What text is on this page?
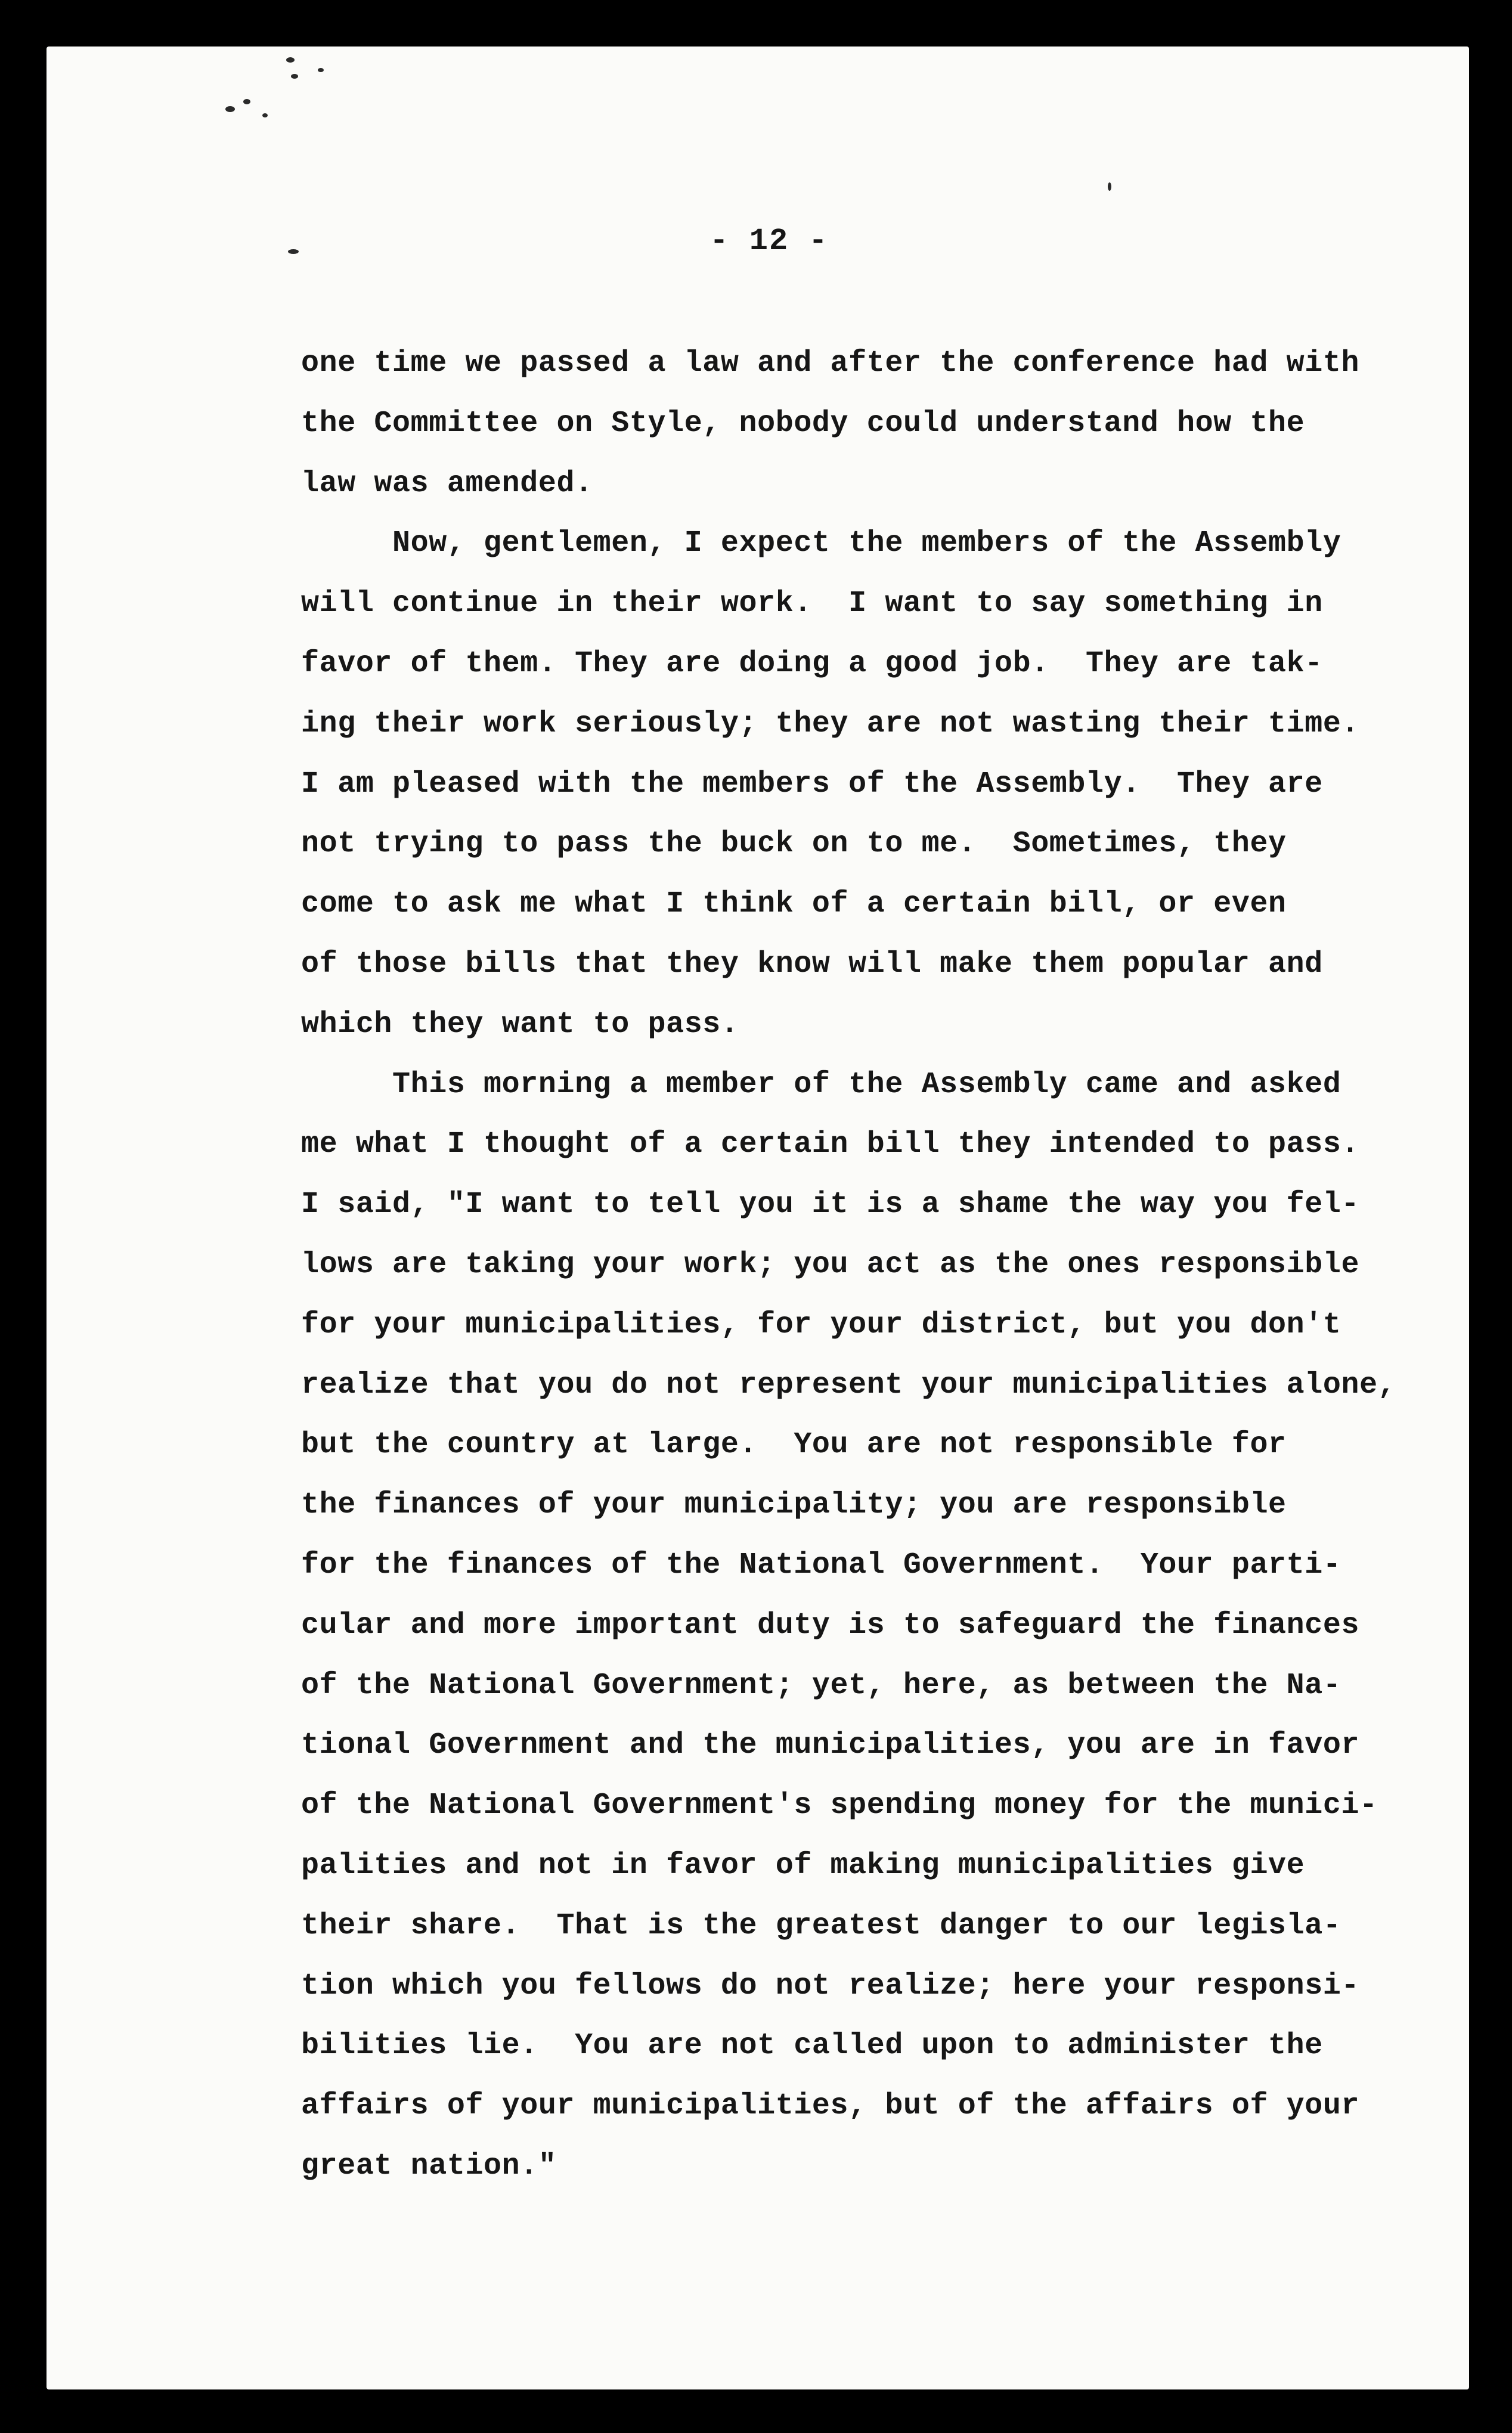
- 12 -

one time we passed a law and after the conference had with
the Committee on Style, nobody could understand how the
law was amended.

Now, gentlemen, I expect the members of the Assembly
will continue in their work.  I want to say something in
favor of them. They are doing a good job.  They are tak-
ing their work seriously; they are not wasting their time.
I am pleased with the members of the Assembly.  They are
not trying to pass the buck on to me.  Sometimes, they
come to ask me what I think of a certain bill, or even
of those bills that they know will make them popular and
which they want to pass.

This morning a member of the Assembly came and asked
me what I thought of a certain bill they intended to pass.
I said, "I want to tell you it is a shame the way you fel-
lows are taking your work; you act as the ones responsible
for your municipalities, for your district, but you don't
realize that you do not represent your municipalities alone,
but the country at large.  You are not responsible for
the finances of your municipality; you are responsible
for the finances of the National Government.  Your parti-
cular and more important duty is to safeguard the finances
of the National Government; yet, here, as between the Na-
tional Government and the municipalities, you are in favor
of the National Government's spending money for the munici-
palities and not in favor of making municipalities give
their share.  That is the greatest danger to our legisla-
tion which you fellows do not realize; here your responsi-
bilities lie.  You are not called upon to administer the
affairs of your municipalities, but of the affairs of your
great nation."
